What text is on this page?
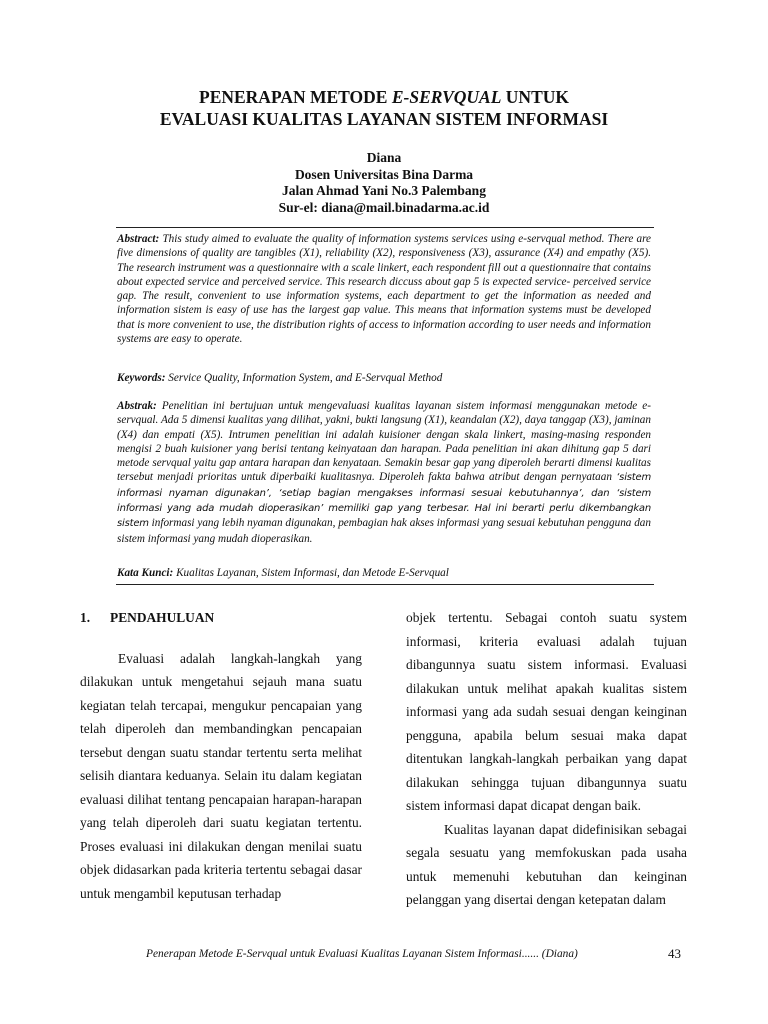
PENERAPAN METODE E-SERVQUAL UNTUK
EVALUASI KUALITAS LAYANAN SISTEM INFORMASI
Diana
Dosen Universitas Bina Darma
Jalan Ahmad Yani No.3 Palembang
Sur-el: diana@mail.binadarma.ac.id
Abstract: This study aimed to evaluate the quality of information systems services using e-servqual method. There are five dimensions of quality are tangibles (X1), reliability (X2), responsiveness (X3), assurance (X4) and empathy (X5). The research instrument was a questionnaire with a scale linkert, each respondent fill out a questionnaire that contains about expected service and perceived service. This research diccuss about gap 5 is expected service- perceived service gap. The result, convenient to use information systems, each department to get the information as needed and information sistem is easy of use has the largest gap value. This means that information systems must be developed that is more convenient to use, the distribution rights of access to information according to user needs and information systems are easy to operate.
Keywords: Service Quality, Information System, and E-Servqual Method
Abstrak: Penelitian ini bertujuan untuk mengevaluasi kualitas layanan sistem informasi menggunakan metode e-servqual. Ada 5 dimensi kualitas yang dilihat, yakni, bukti langsung (X1), keandalan (X2), daya tanggap (X3), jaminan (X4) dan empati (X5). Intrumen penelitian ini adalah kuisioner dengan skala linkert, masing-masing responden mengisi 2 buah kuisioner yang berisi tentang keinyataan dan harapan. Pada penelitian ini akan dihitung gap 5 dari metode servqual yaitu gap antara harapan dan kenyataan. Semakin besar gap yang diperoleh berarti dimensi kualitas tersebut menjadi prioritas untuk diperbaiki kualitasnya. Diperoleh fakta bahwa atribut dengan pernyataan ‘sistem informasi nyaman digunakan’, ‘setiap bagian mengakses informasi sesuai kebutuhannya’, dan ‘sistem informasi yang ada mudah dioperasikan’ memiliki gap yang terbesar. Hal ini berarti perlu dikembangkan sistem informasi yang lebih nyaman digunakan, pembagian hak akses informasi yang sesuai kebutuhan pengguna dan sistem informasi yang mudah dioperasikan.
Kata Kunci: Kualitas Layanan, Sistem Informasi, dan Metode E-Servqual
1. PENDAHULUAN

Evaluasi adalah langkah-langkah yang dilakukan untuk mengetahui sejauh mana suatu kegiatan telah tercapai, mengukur pencapaian yang telah diperoleh dan membandingkan pencapaian tersebut dengan suatu standar tertentu serta melihat selisih diantara keduanya. Selain itu dalam kegiatan evaluasi dilihat tentang pencapaian harapan-harapan yang telah diperoleh dari suatu kegiatan tertentu. Proses evaluasi ini dilakukan dengan menilai suatu objek didasarkan pada kriteria tertentu sebagai dasar untuk mengambil keputusan terhadap

objek tertentu. Sebagai contoh suatu system informasi, kriteria evaluasi adalah tujuan dibangunnya suatu sistem informasi. Evaluasi dilakukan untuk melihat apakah kualitas sistem informasi yang ada sudah sesuai dengan keinginan pengguna, apabila belum sesuai maka dapat ditentukan langkah-langkah perbaikan yang dapat dilakukan sehingga tujuan dibangunnya suatu sistem informasi dapat dicapat dengan baik.

Kualitas layanan dapat didefinisikan sebagai segala sesuatu yang memfokuskan pada usaha untuk memenuhi kebutuhan dan keinginan pelanggan yang disertai dengan ketepatan dalam

Penerapan Metode E-Servqual untuk Evaluasi Kualitas Layanan Sistem Informasi...... (Diana)	43
